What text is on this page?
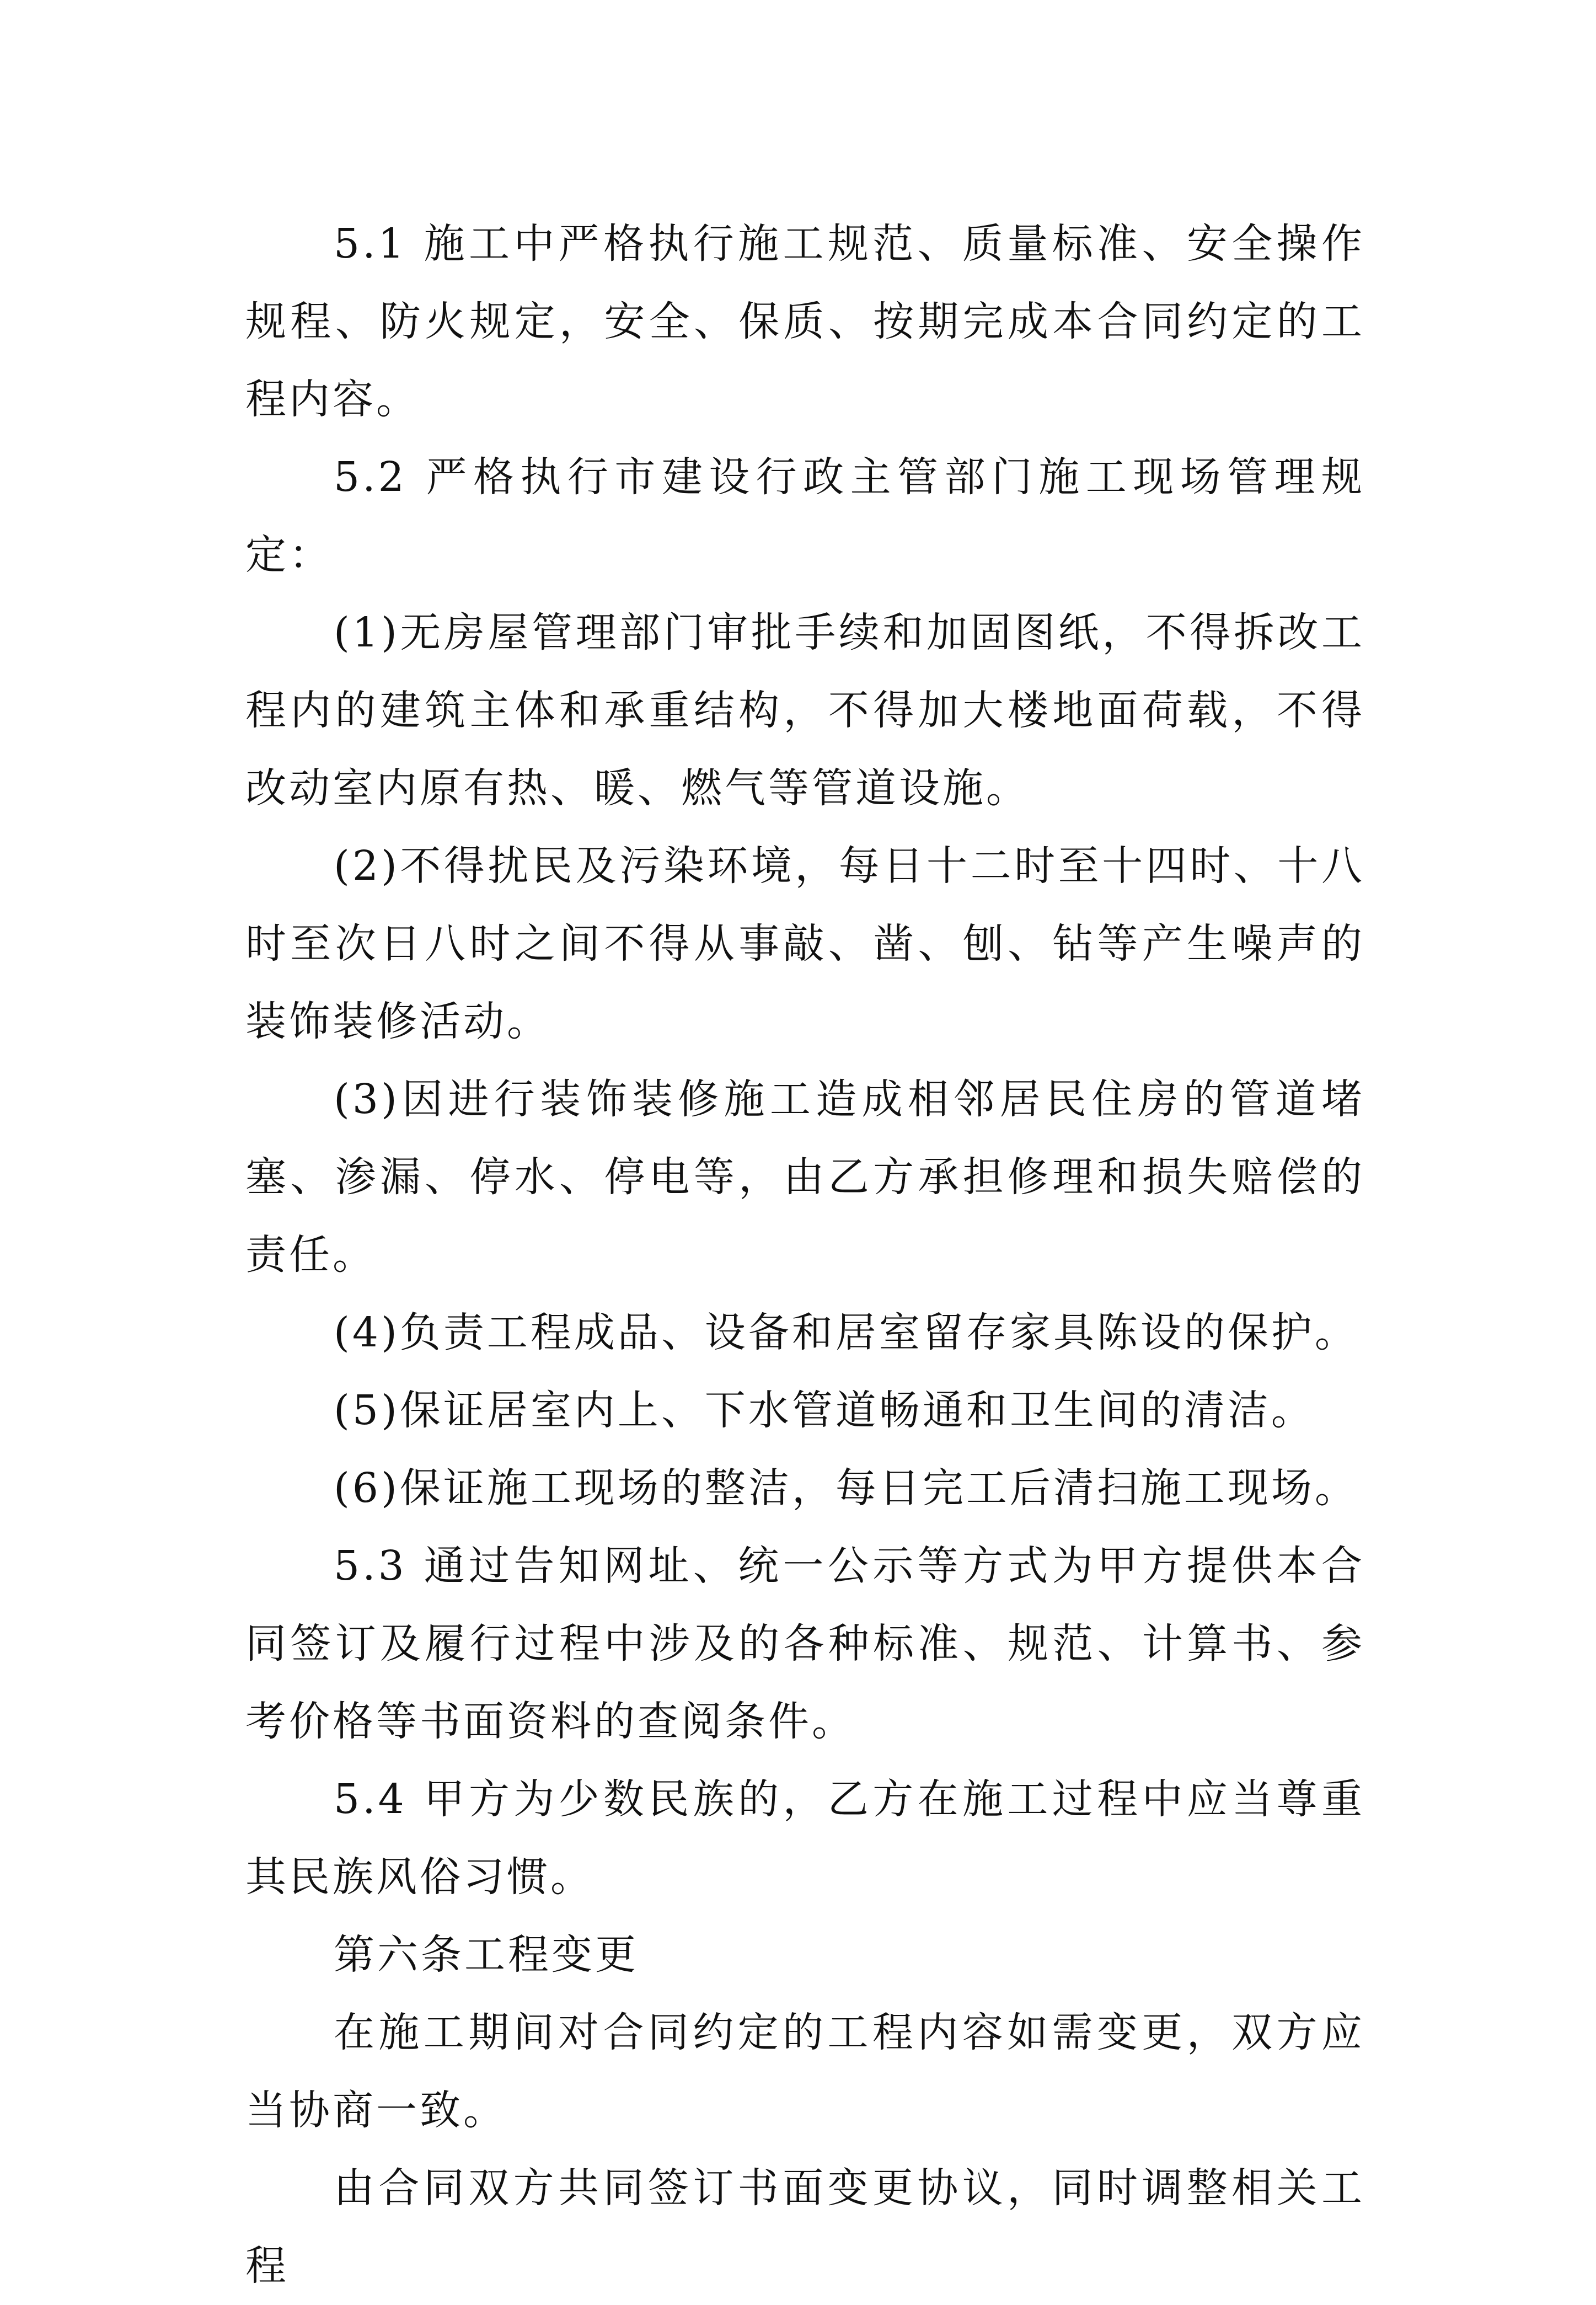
5.1 施工中严格执行施工规范、质量标准、安全操作规程、防火规定，安全、保质、按期完成本合同约定的工程内容。

5.2 严格执行市建设行政主管部门施工现场管理规定：

(1)无房屋管理部门审批手续和加固图纸，不得拆改工程内的建筑主体和承重结构，不得加大楼地面荷载，不得改动室内原有热、暖、燃气等管道设施。

(2)不得扰民及污染环境，每日十二时至十四时、十八时至次日八时之间不得从事敲、凿、刨、钻等产生噪声的装饰装修活动。

(3)因进行装饰装修施工造成相邻居民住房的管道堵塞、渗漏、停水、停电等，由乙方承担修理和损失赔偿的责任。

(4)负责工程成品、设备和居室留存家具陈设的保护。

(5)保证居室内上、下水管道畅通和卫生间的清洁。

(6)保证施工现场的整洁，每日完工后清扫施工现场。

5.3 通过告知网址、统一公示等方式为甲方提供本合同签订及履行过程中涉及的各种标准、规范、计算书、参考价格等书面资料的查阅条件。

5.4 甲方为少数民族的，乙方在施工过程中应当尊重其民族风俗习惯。

第六条工程变更

在施工期间对合同约定的工程内容如需变更，双方应当协商一致。

由合同双方共同签订书面变更协议，同时调整相关工程
